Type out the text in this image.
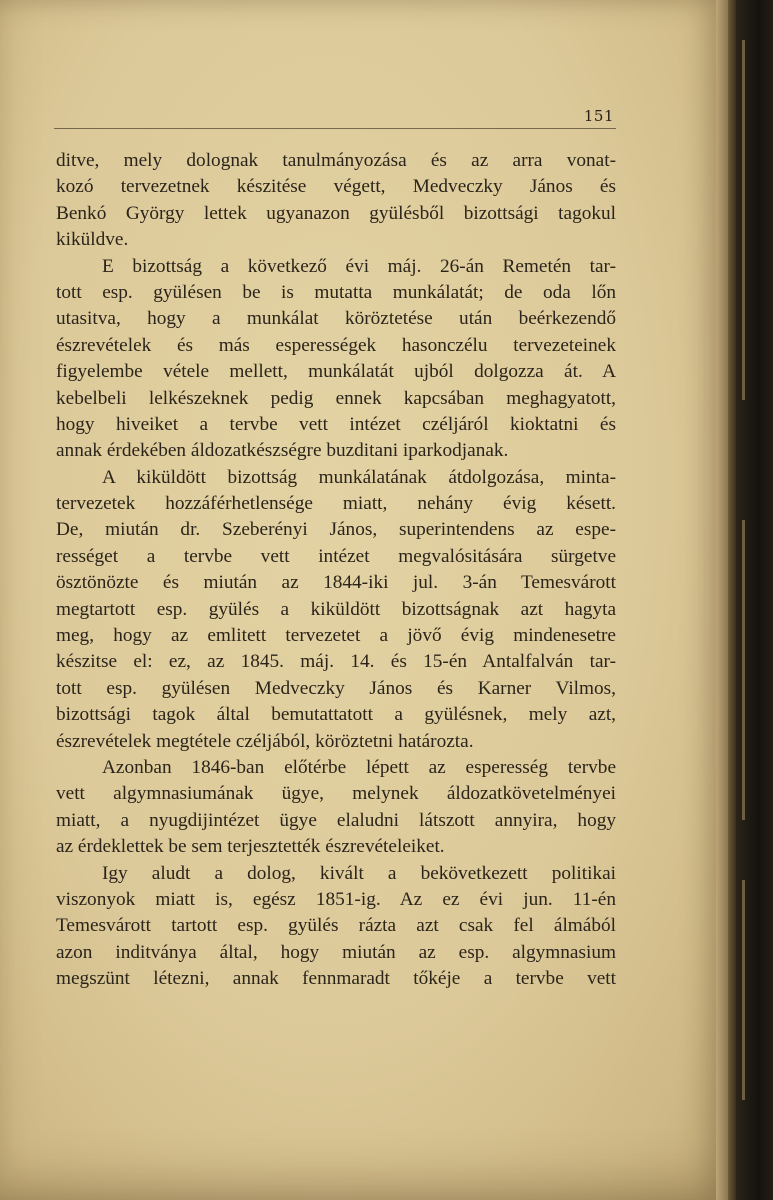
151
ditve, mely dolognak tanulmányozása és az arra vonat-
kozó tervezetnek készitése végett, Medveczky János és
Benkó György lettek ugyanazon gyülésből bizottsági tagokul
kiküldve.
E bizottság a következő évi máj. 26-án Remetén tar-
tott esp. gyülésen be is mutatta munkálatát; de oda lőn
utasitva, hogy a munkálat köröztetése után beérkezendő
észrevételek és más esperességek hasonczélu tervezeteinek
figyelembe vétele mellett, munkálatát ujból dolgozza át. A
kebelbeli lelkészeknek pedig ennek kapcsában meghagyatott,
hogy hiveiket a tervbe vett intézet czéljáról kioktatni és
annak érdekében áldozatkészségre buzditani iparkodjanak.
A kiküldött bizottság munkálatának átdolgozása, minta-
tervezetek hozzáférhetlensége miatt, nehány évig késett.
De, miután dr. Szeberényi János, superintendens az espe-
rességet a tervbe vett intézet megvalósitására sürgetve
ösztönözte és miután az 1844-iki jul. 3-án Temesvárott
megtartott esp. gyülés a kiküldött bizottságnak azt hagyta
meg, hogy az emlitett tervezetet a jövő évig mindenesetre
készitse el: ez, az 1845. máj. 14. és 15-én Antalfalván tar-
tott esp. gyülésen Medveczky János és Karner Vilmos,
bizottsági tagok által bemutattatott a gyülésnek, mely azt,
észrevételek megtétele czéljából, köröztetni határozta.
Azonban 1846-ban előtérbe lépett az esperesség tervbe
vett algymnasiumának ügye, melynek áldozatkövetelményei
miatt, a nyugdijintézet ügye elaludni látszott annyira, hogy
az érdeklettek be sem terjesztették észrevételeiket.
Igy aludt a dolog, kivált a bekövetkezett politikai
viszonyok miatt is, egész 1851-ig. Az ez évi jun. 11-én
Temesvárott tartott esp. gyülés rázta azt csak fel álmából
azon inditványa által, hogy miután az esp. algymnasium
megszünt létezni, annak fennmaradt tőkéje a tervbe vett
